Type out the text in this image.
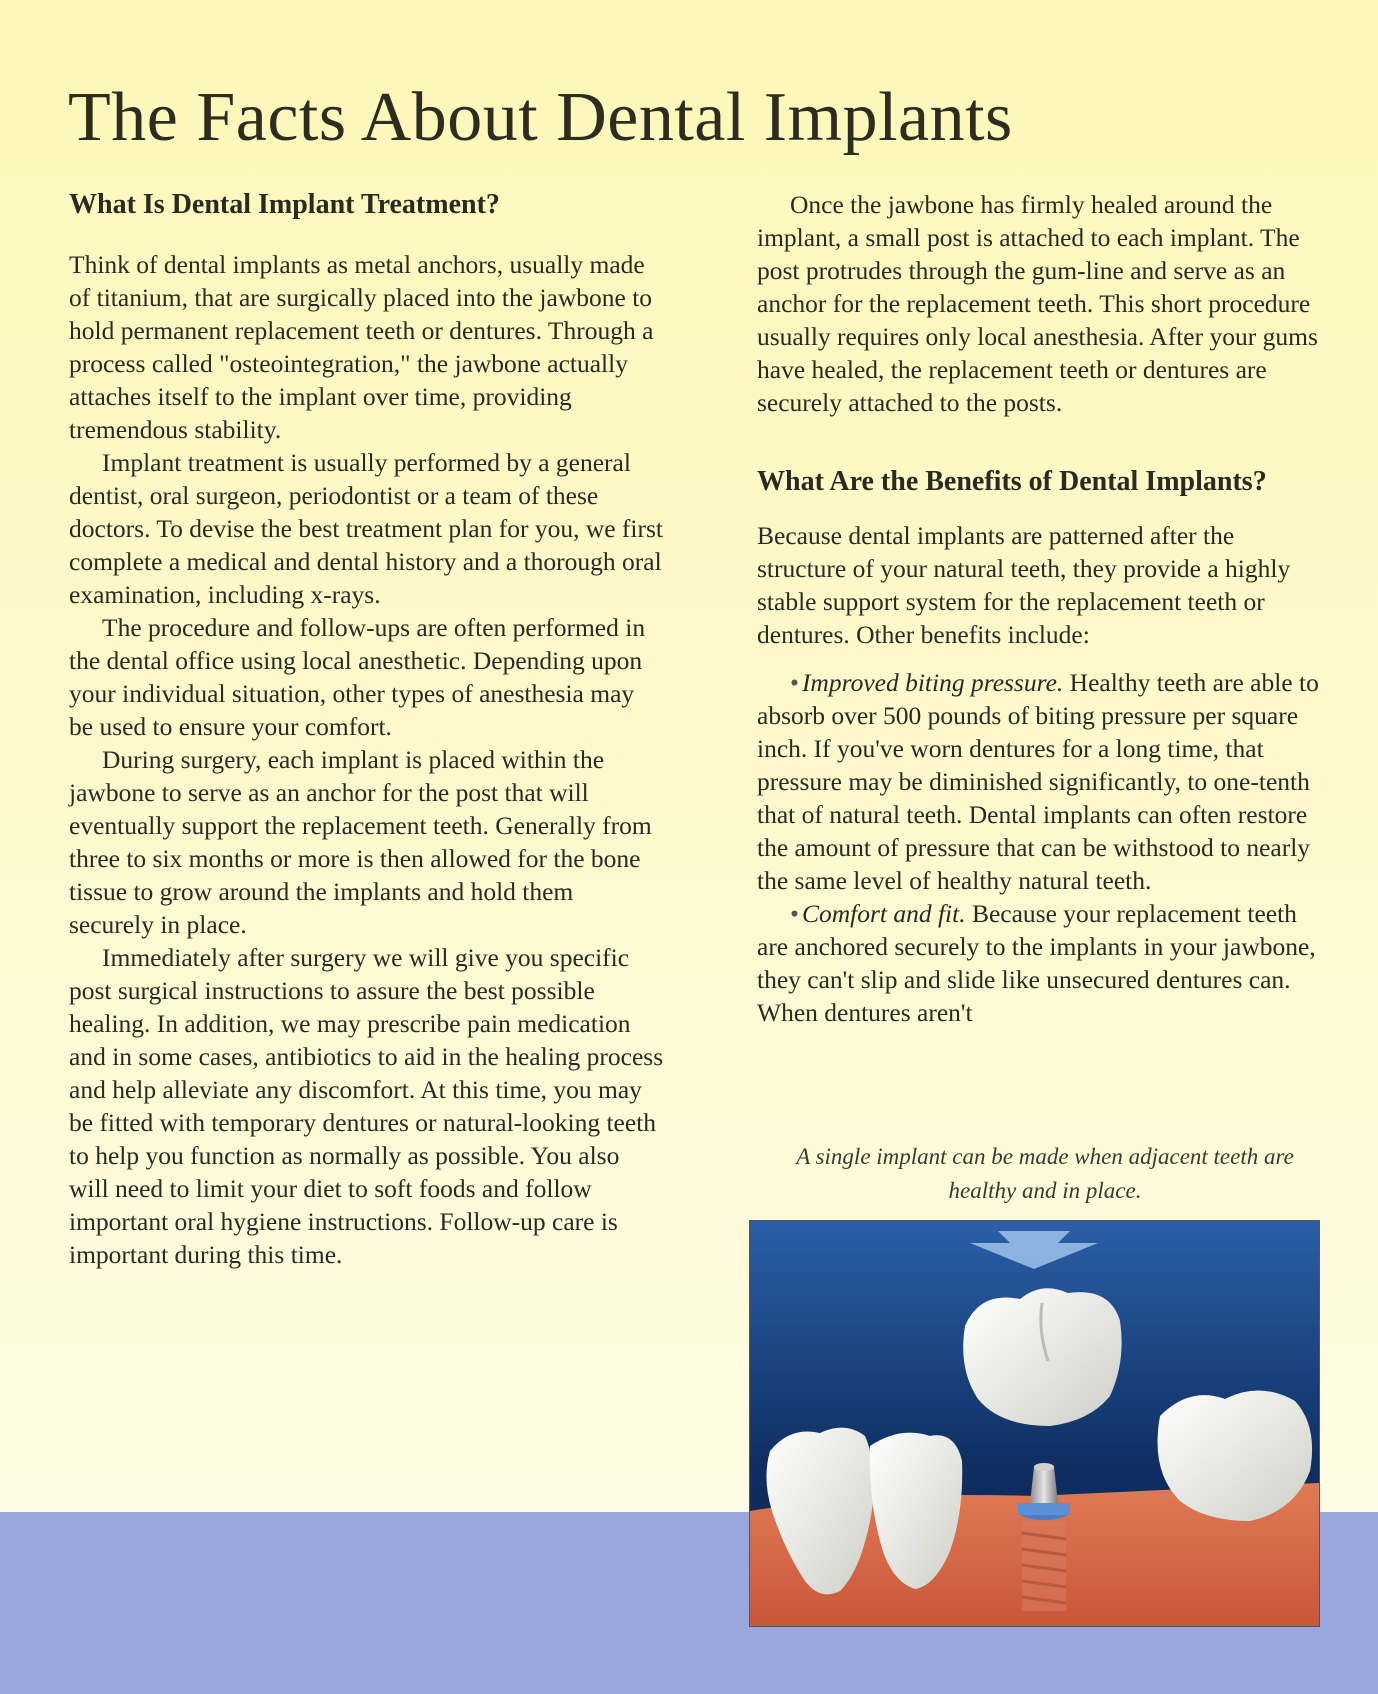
The Facts About Dental Implants
What Is Dental Implant Treatment?

Think of dental implants as metal anchors, usually made of titanium, that are surgically placed into the jawbone to hold permanent replacement teeth or dentures. Through a process called "osteointegration," the jawbone actually attaches itself to the implant over time, providing tremendous stability.

Implant treatment is usually performed by a general dentist, oral surgeon, periodontist or a team of these doctors. To devise the best treatment plan for you, we first complete a medical and dental history and a thorough oral examination, including x-rays.

The procedure and follow-ups are often performed in the dental office using local anesthetic. Depending upon your individual situation, other types of anesthesia may be used to ensure your comfort.

During surgery, each implant is placed within the jawbone to serve as an anchor for the post that will eventually support the replacement teeth. Generally from three to six months or more is then allowed for the bone tissue to grow around the implants and hold them securely in place.

Immediately after surgery we will give you specific post surgical instructions to assure the best possible healing. In addition, we may prescribe pain medication and in some cases, antibiotics to aid in the healing process and help alleviate any discomfort. At this time, you may be fitted with temporary dentures or natural-looking teeth to help you function as normally as possible. You also will need to limit your diet to soft foods and follow important oral hygiene instructions. Follow-up care is important during this time.

Once the jawbone has firmly healed around the implant, a small post is attached to each implant. The post protrudes through the gum-line and serve as an anchor for the replacement teeth. This short procedure usually requires only local anesthesia. After your gums have healed, the replacement teeth or dentures are securely attached to the posts.

What Are the Benefits of Dental Implants?

Because dental implants are patterned after the structure of your natural teeth, they provide a highly stable support system for the replacement teeth or dentures. Other benefits include:

• Improved biting pressure. Healthy teeth are able to absorb over 500 pounds of biting pressure per square inch. If you've worn dentures for a long time, that pressure may be diminished significantly, to one-tenth that of natural teeth. Dental implants can often restore the amount of pressure that can be withstood to nearly the same level of healthy natural teeth.

• Comfort and fit. Because your replacement teeth are anchored securely to the implants in your jawbone, they can't slip and slide like unsecured dentures can. When dentures aren't

A single implant can be made when adjacent teeth are healthy and in place.
